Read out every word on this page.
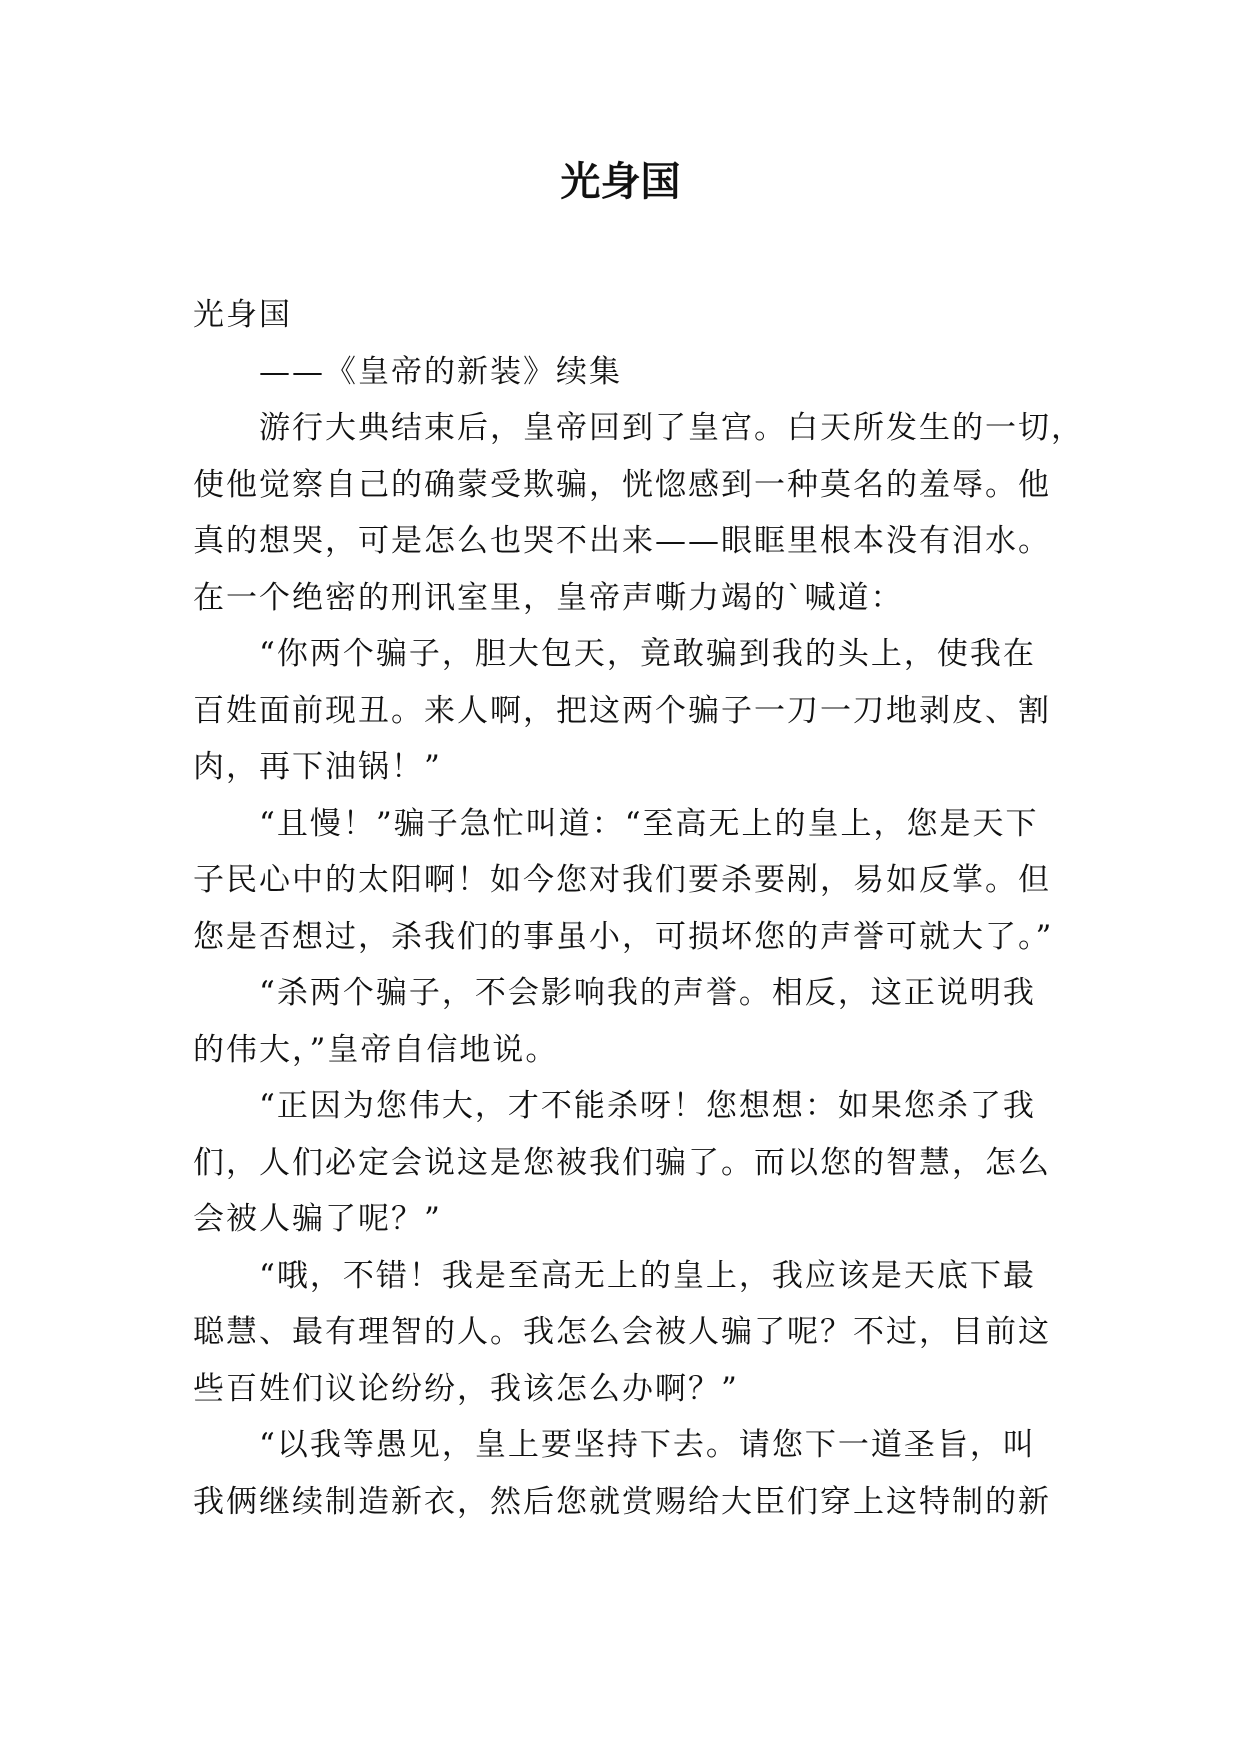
光身国
光身国
——《皇帝的新装》续集
游行大典结束后，皇帝回到了皇宫。白天所发生的一切，
使他觉察自己的确蒙受欺骗，恍惚感到一种莫名的羞辱。他
真的想哭，可是怎么也哭不出来——眼眶里根本没有泪水。
在一个绝密的刑讯室里，皇帝声嘶力竭的`喊道：
“你两个骗子，胆大包天，竟敢骗到我的头上，使我在
百姓面前现丑。来人啊，把这两个骗子一刀一刀地剥皮、割
肉，再下油锅！”
“且慢！”骗子急忙叫道：“至高无上的皇上，您是天下
子民心中的太阳啊！如今您对我们要杀要剐，易如反掌。但
您是否想过，杀我们的事虽小，可损坏您的声誉可就大了。”
“杀两个骗子，不会影响我的声誉。相反，这正说明我
的伟大，”皇帝自信地说。
“正因为您伟大，才不能杀呀！您想想：如果您杀了我
们，人们必定会说这是您被我们骗了。而以您的智慧，怎么
会被人骗了呢？”
“哦，不错！我是至高无上的皇上，我应该是天底下最
聪慧、最有理智的人。我怎么会被人骗了呢？不过，目前这
些百姓们议论纷纷，我该怎么办啊？”
“以我等愚见，皇上要坚持下去。请您下一道圣旨，叫
我俩继续制造新衣，然后您就赏赐给大臣们穿上这特制的新
